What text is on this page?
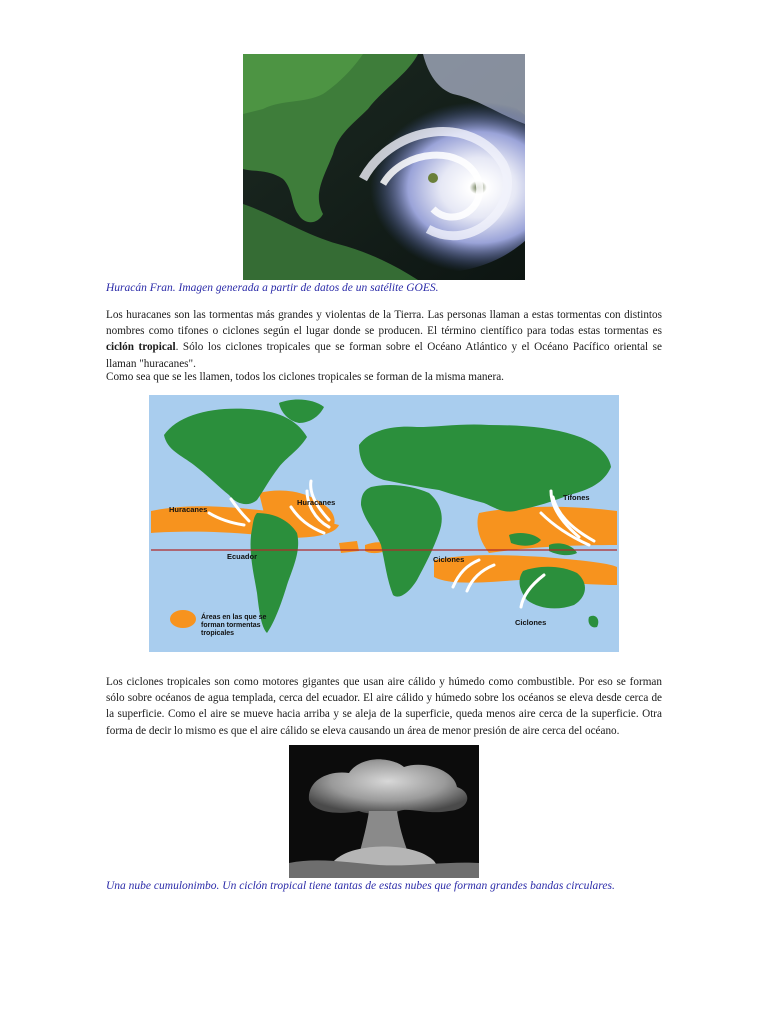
Huracán Fran. Imagen generada a partir de datos de un satélite GOES.

Los huracanes son las tormentas más grandes y violentas de la Tierra. Las personas llaman a estas tormentas con distintos nombres como tifones o ciclones según el lugar donde se producen. El término científico para todas estas tormentas es ciclón tropical. Sólo los ciclones tropicales que se forman sobre el Océano Atlántico y el Océano Pacífico oriental se llaman "huracanes".

Como sea que se les llamen, todos los ciclones tropicales se forman de la misma manera.

Huracanes
Huracanes
Tifones
Ecuador	Ciclones
Ciclones
Áreas en las que se
forman tormentas
tropicales

Los ciclones tropicales son como motores gigantes que usan aire cálido y húmedo como combustible. Por eso se forman sólo sobre océanos de agua templada, cerca del ecuador. El aire cálido y húmedo sobre los océanos se eleva desde cerca de la superficie. Como el aire se mueve hacia arriba y se aleja de la superficie, queda menos aire cerca de la superficie. Otra forma de decir lo mismo es que el aire cálido se eleva causando un área de menor presión de aire cerca del océano.

Una nube cumulonimbo. Un ciclón tropical tiene tantas de estas nubes que forman grandes bandas circulares.
